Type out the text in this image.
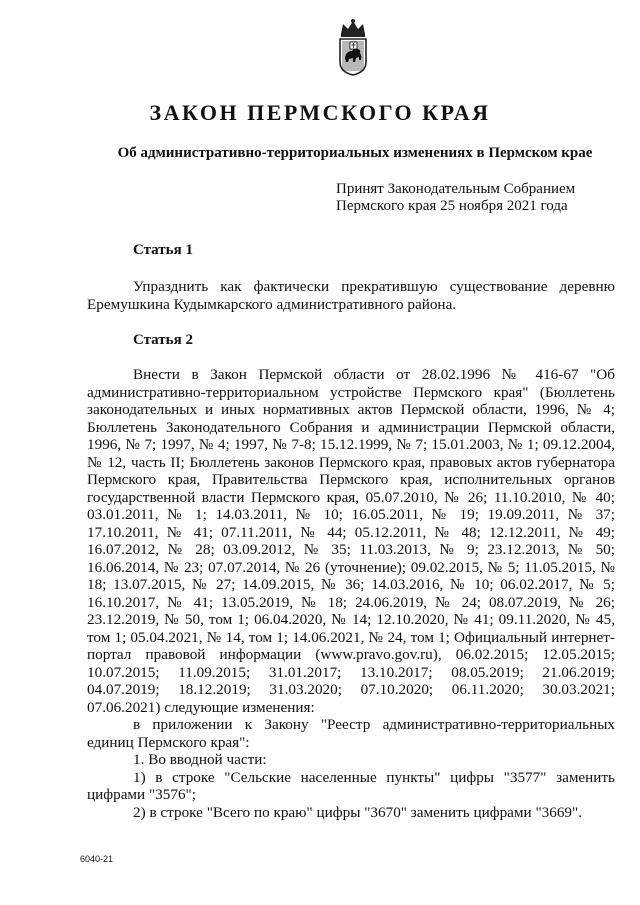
ЗАКОН ПЕРМСКОГО КРАЯ
Об административно-территориальных изменениях в Пермском крае
Принят Законодательным Собранием
Пермского края 25 ноября 2021 года
Статья 1

Упразднить как фактически прекратившую существование деревню Еремушкина Кудымкарского административного района.

Статья 2

Внести в Закон Пермской области от 28.02.1996 № 416-67 "Об административно-территориальном устройстве Пермского края" (Бюллетень законодательных и иных нормативных актов Пермской области, 1996, № 4; Бюллетень Законодательного Собрания и администрации Пермской области, 1996, № 7; 1997, № 4; 1997, № 7-8; 15.12.1999, № 7; 15.01.2003, № 1; 09.12.2004, № 12, часть II; Бюллетень законов Пермского края, правовых актов губернатора Пермского края, Правительства Пермского края, исполнительных органов государственной власти Пермского края, 05.07.2010, № 26; 11.10.2010, № 40; 03.01.2011, № 1; 14.03.2011, № 10; 16.05.2011, № 19; 19.09.2011, № 37; 17.10.2011, № 41; 07.11.2011, № 44; 05.12.2011, № 48; 12.12.2011, № 49; 16.07.2012, № 28; 03.09.2012, № 35; 11.03.2013, № 9; 23.12.2013, № 50; 16.06.2014, № 23; 07.07.2014, № 26 (уточнение); 09.02.2015, № 5; 11.05.2015, № 18; 13.07.2015, № 27; 14.09.2015, № 36; 14.03.2016, № 10; 06.02.2017, № 5; 16.10.2017, № 41; 13.05.2019, № 18; 24.06.2019, № 24; 08.07.2019, № 26; 23.12.2019, № 50, том 1; 06.04.2020, № 14; 12.10.2020, № 41; 09.11.2020, № 45, том 1; 05.04.2021, № 14, том 1; 14.06.2021, № 24, том 1; Официальный интернет-портал правовой информации (www.pravo.gov.ru), 06.02.2015; 12.05.2015; 10.07.2015; 11.09.2015; 31.01.2017; 13.10.2017; 08.05.2019; 21.06.2019; 04.07.2019; 18.12.2019; 31.03.2020; 07.10.2020; 06.11.2020; 30.03.2021; 07.06.2021) следующие изменения:

в приложении к Закону "Реестр административно-территориальных единиц Пермского края":

1. Во вводной части:

1) в строке "Сельские населенные пункты" цифры "3577" заменить цифрами "3576";

2) в строке "Всего по краю" цифры "3670" заменить цифрами "3669".

6040-21
